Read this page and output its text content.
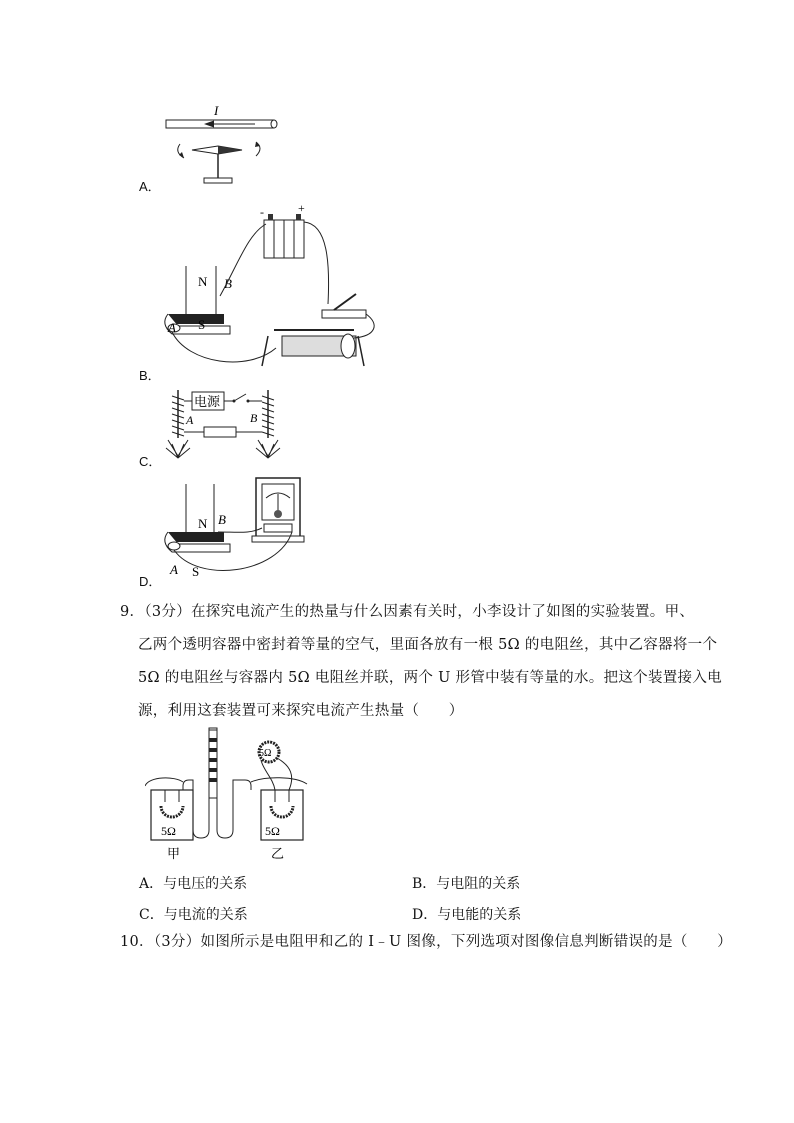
I
A．
-	+
N
S
A
B
B．
电源
A	B
C．
N
S
A
B
D．
9．（3分）在探究电流产生的热量与什么因素有关时，小李设计了如图的实验装置。甲、
乙两个透明容器中密封着等量的空气，里面各放有一根 5Ω 的电阻丝，其中乙容器将一个
5Ω 的电阻丝与容器内 5Ω 电阻丝并联，两个 U 形管中装有等量的水。把这个装置接入电
源，利用这套装置可来探究电流产生热量（　　）
5Ω
甲
5Ω
乙
5Ω
A．与电压的关系	B．与电阻的关系
C．与电流的关系	D．与电能的关系
10．（3分）如图所示是电阻甲和乙的 I﹣U 图像，下列选项对图像信息判断错误的是（　　）
